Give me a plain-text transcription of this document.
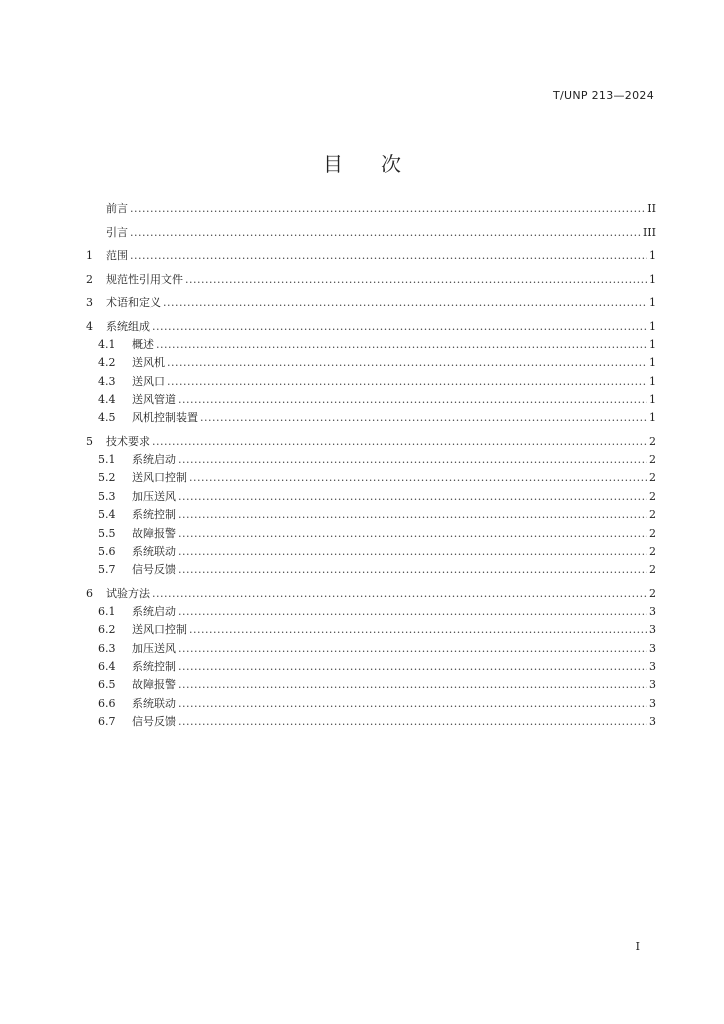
T/UNP 213—2024
目 次
前言 .....	II
引言 .....	III
1	范围 .....	1
2	规范性引用文件 .....	1
3	术语和定义 .....	1
4	系统组成 .....	1
4.1	概述 .....	1
4.2	送风机 .....	1
4.3	送风口 .....	1
4.4	送风管道 .....	1
4.5	风机控制装置 .....	1
5	技术要求 .....	2
5.1	系统启动 .....	2
5.2	送风口控制 .....	2
5.3	加压送风 .....	2
5.4	系统控制 .....	2
5.5	故障报警 .....	2
5.6	系统联动 .....	2
5.7	信号反馈 .....	2
6	试验方法 .....	2
6.1	系统启动 .....	3
6.2	送风口控制 .....	3
6.3	加压送风 .....	3
6.4	系统控制 .....	3
6.5	故障报警 .....	3
6.6	系统联动 .....	3
6.7	信号反馈 .....	3
I
